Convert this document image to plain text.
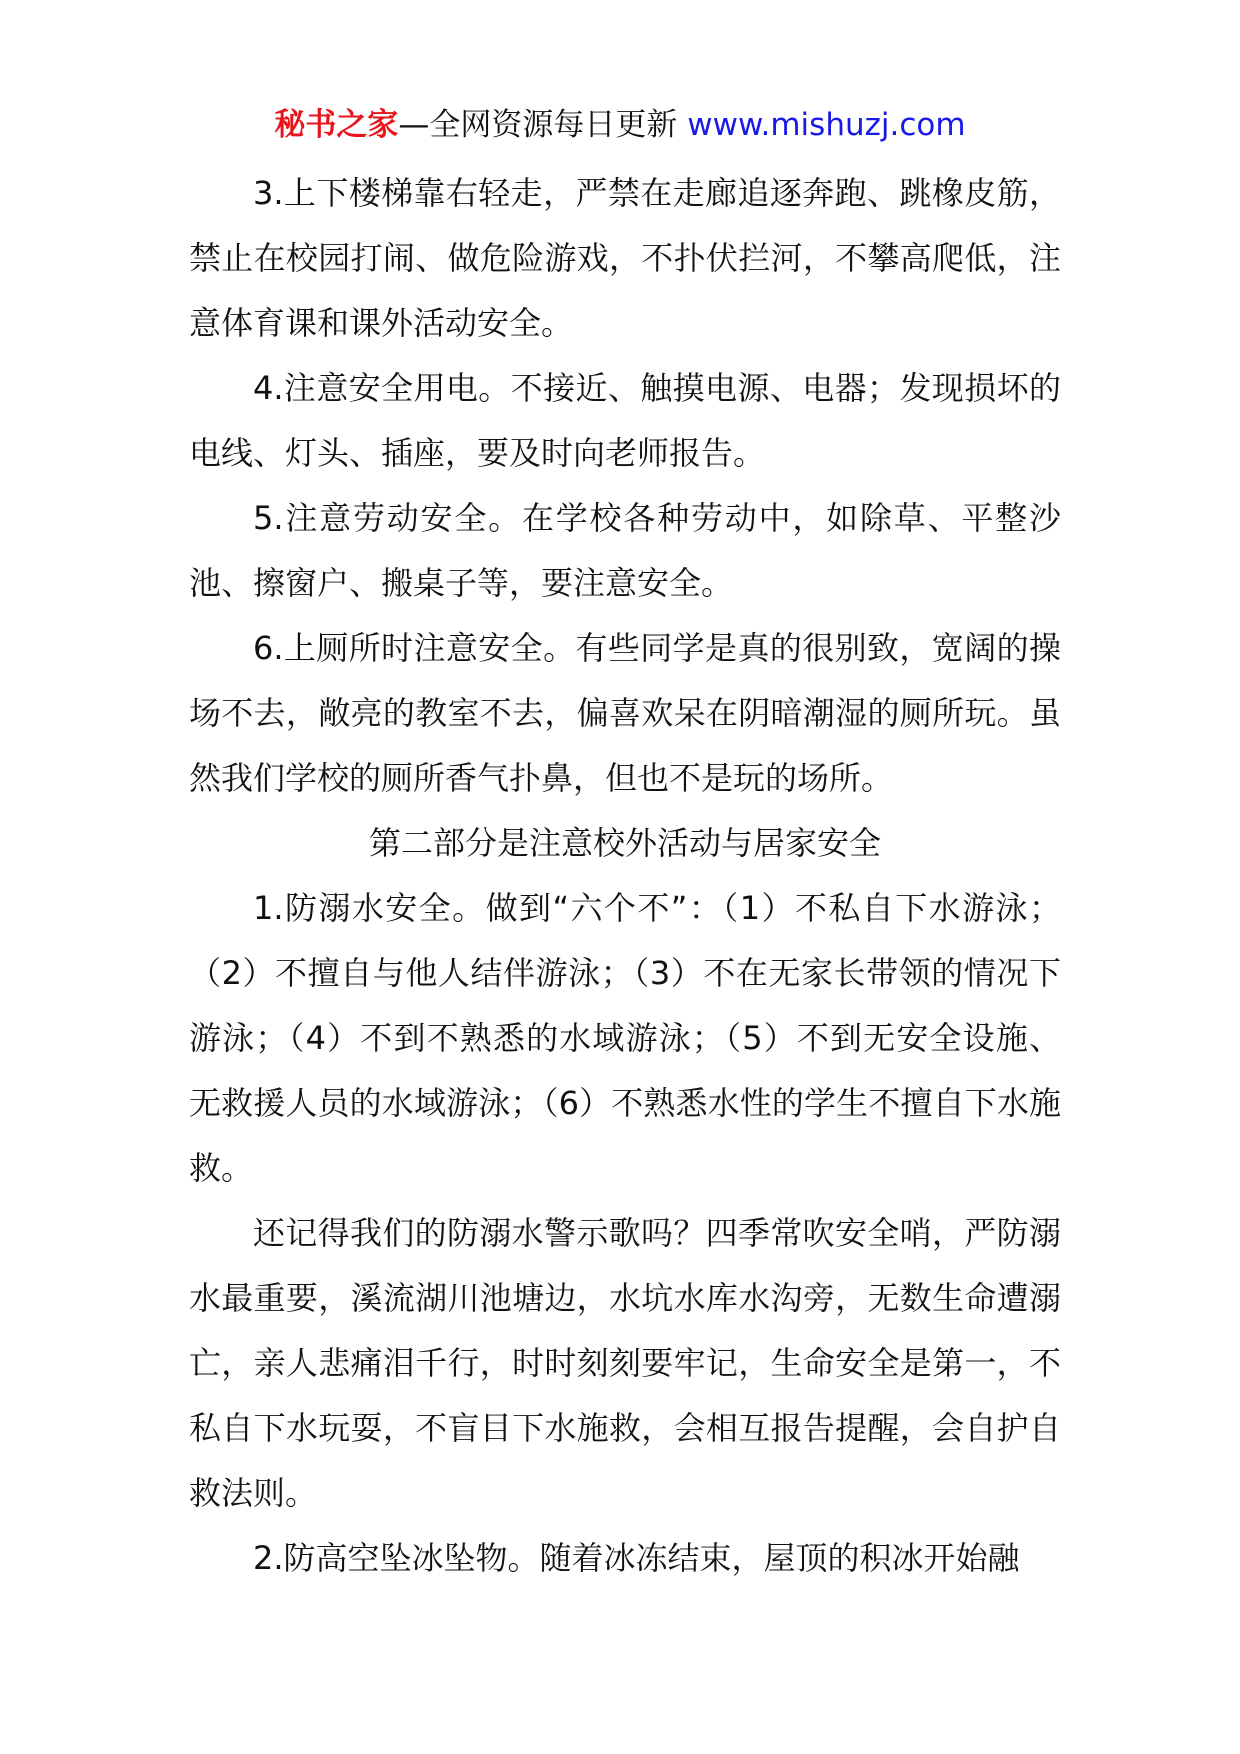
秘书之家—全网资源每日更新 www.mishuzj.com

3.上下楼梯靠右轻走，严禁在走廊追逐奔跑、跳橡皮筋，禁止在校园打闹、做危险游戏，不扑伏拦河，不攀高爬低，注意体育课和课外活动安全。

4.注意安全用电。不接近、触摸电源、电器；发现损坏的电线、灯头、插座，要及时向老师报告。

5.注意劳动安全。在学校各种劳动中，如除草、平整沙池、擦窗户、搬桌子等，要注意安全。

6.上厕所时注意安全。有些同学是真的很别致，宽阔的操场不去，敞亮的教室不去，偏喜欢呆在阴暗潮湿的厕所玩。虽然我们学校的厕所香气扑鼻，但也不是玩的场所。

第二部分是注意校外活动与居家安全

1.防溺水安全。做到“六个不”：（1）不私自下水游泳；（2）不擅自与他人结伴游泳；（3）不在无家长带领的情况下游泳；（4）不到不熟悉的水域游泳；（5）不到无安全设施、无救援人员的水域游泳；（6）不熟悉水性的学生不擅自下水施救。

还记得我们的防溺水警示歌吗？四季常吹安全哨，严防溺水最重要，溪流湖川池塘边，水坑水库水沟旁，无数生命遭溺亡，亲人悲痛泪千行，时时刻刻要牢记，生命安全是第一，不私自下水玩耍，不盲目下水施救，会相互报告提醒，会自护自救法则。

2.防高空坠冰坠物。随着冰冻结束，屋顶的积冰开始融
